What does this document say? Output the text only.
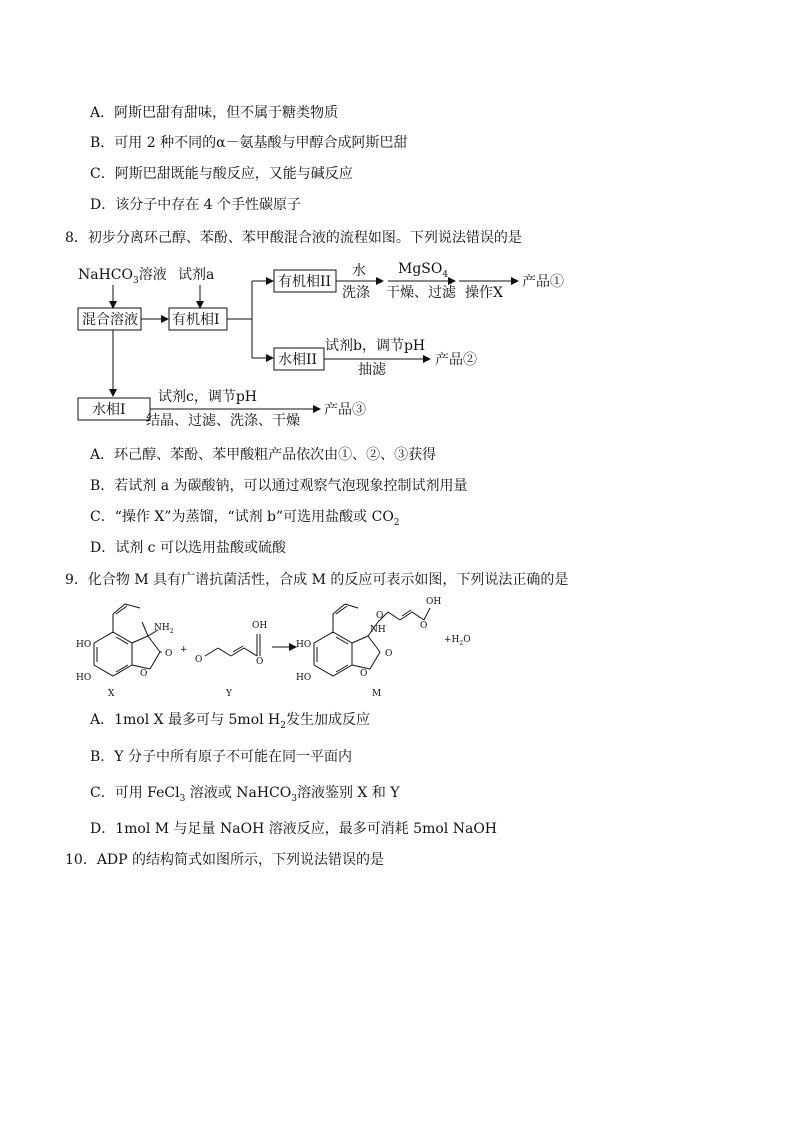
A．阿斯巴甜有甜味，但不属于糖类物质
B．可用 2 种不同的α－氨基酸与甲醇合成阿斯巴甜
C．阿斯巴甜既能与酸反应，又能与碱反应
D．该分子中存在 4 个手性碳原子
8．初步分离环己醇、苯酚、苯甲酸混合液的流程如图。下列说法错误的是
NaHCO$_3$溶液 试剂a
混合溶液 有机相I
有机相II
水
洗涤
MgSO$_4$
干燥、过滤 操作X
产品①
水相II
试剂b，调节pH
抽滤
产品②
水相I
试剂c，调节pH
结晶、过滤、洗涤、干燥
产品③
A．环己醇、苯酚、苯甲酸粗产品依次由①、②、③获得
B．若试剂 a 为碳酸钠，可以通过观察气泡现象控制试剂用量
C．“操作 X”为蒸馏，“试剂 b”可选用盐酸或 $CO_2$
D．试剂 c 可以选用盐酸或硫酸
9．化合物 M 具有广谱抗菌活性，合成 M 的反应可表示如图，下列说法正确的是
$NH_2$
HO
HO	O
O
X
+
O
OH
O
Y
HO
HO	O
O
NH
O
O
OH
M
$+H_2O$
A．1mol X 最多可与 5mol $H_2$发生加成反应
B．Y 分子中所有原子不可能在同一平面内
C．可用 FeCl$_3$ 溶液或 NaHCO$_3$溶液鉴别 X 和 Y
D．1mol M 与足量 NaOH 溶液反应，最多可消耗 5mol NaOH
10．ADP 的结构简式如图所示，下列说法错误的是
